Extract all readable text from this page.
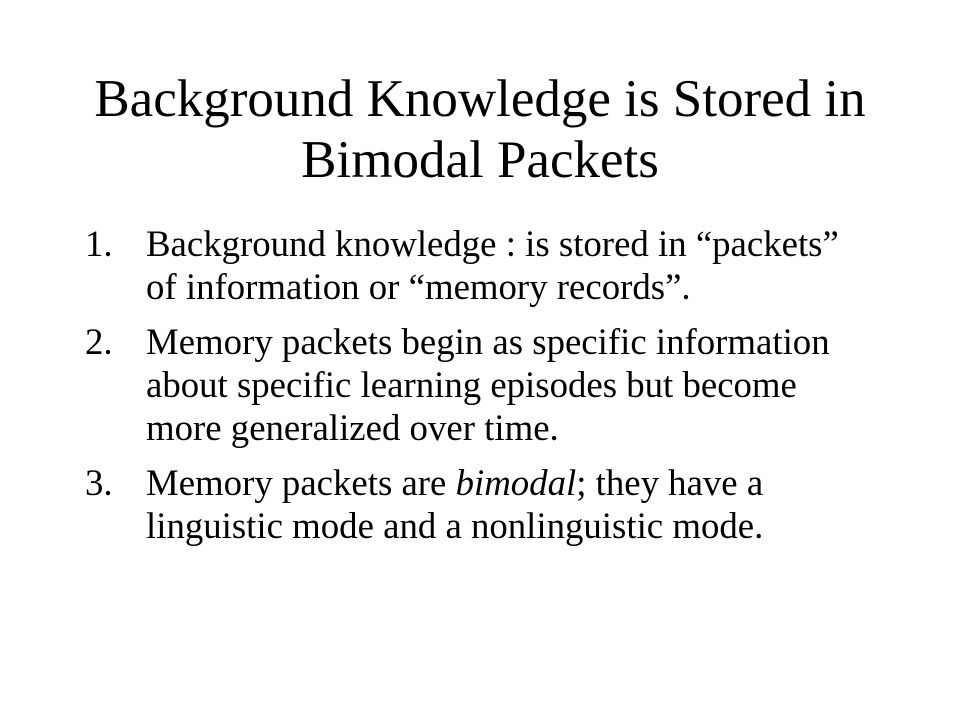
Background Knowledge is Stored in Bimodal Packets
1. Background knowledge : is stored in “packets” of information or “memory records”.
2. Memory packets begin as specific information about specific learning episodes but become more generalized over time.
3. Memory packets are bimodal; they have a linguistic mode and a nonlinguistic mode.
